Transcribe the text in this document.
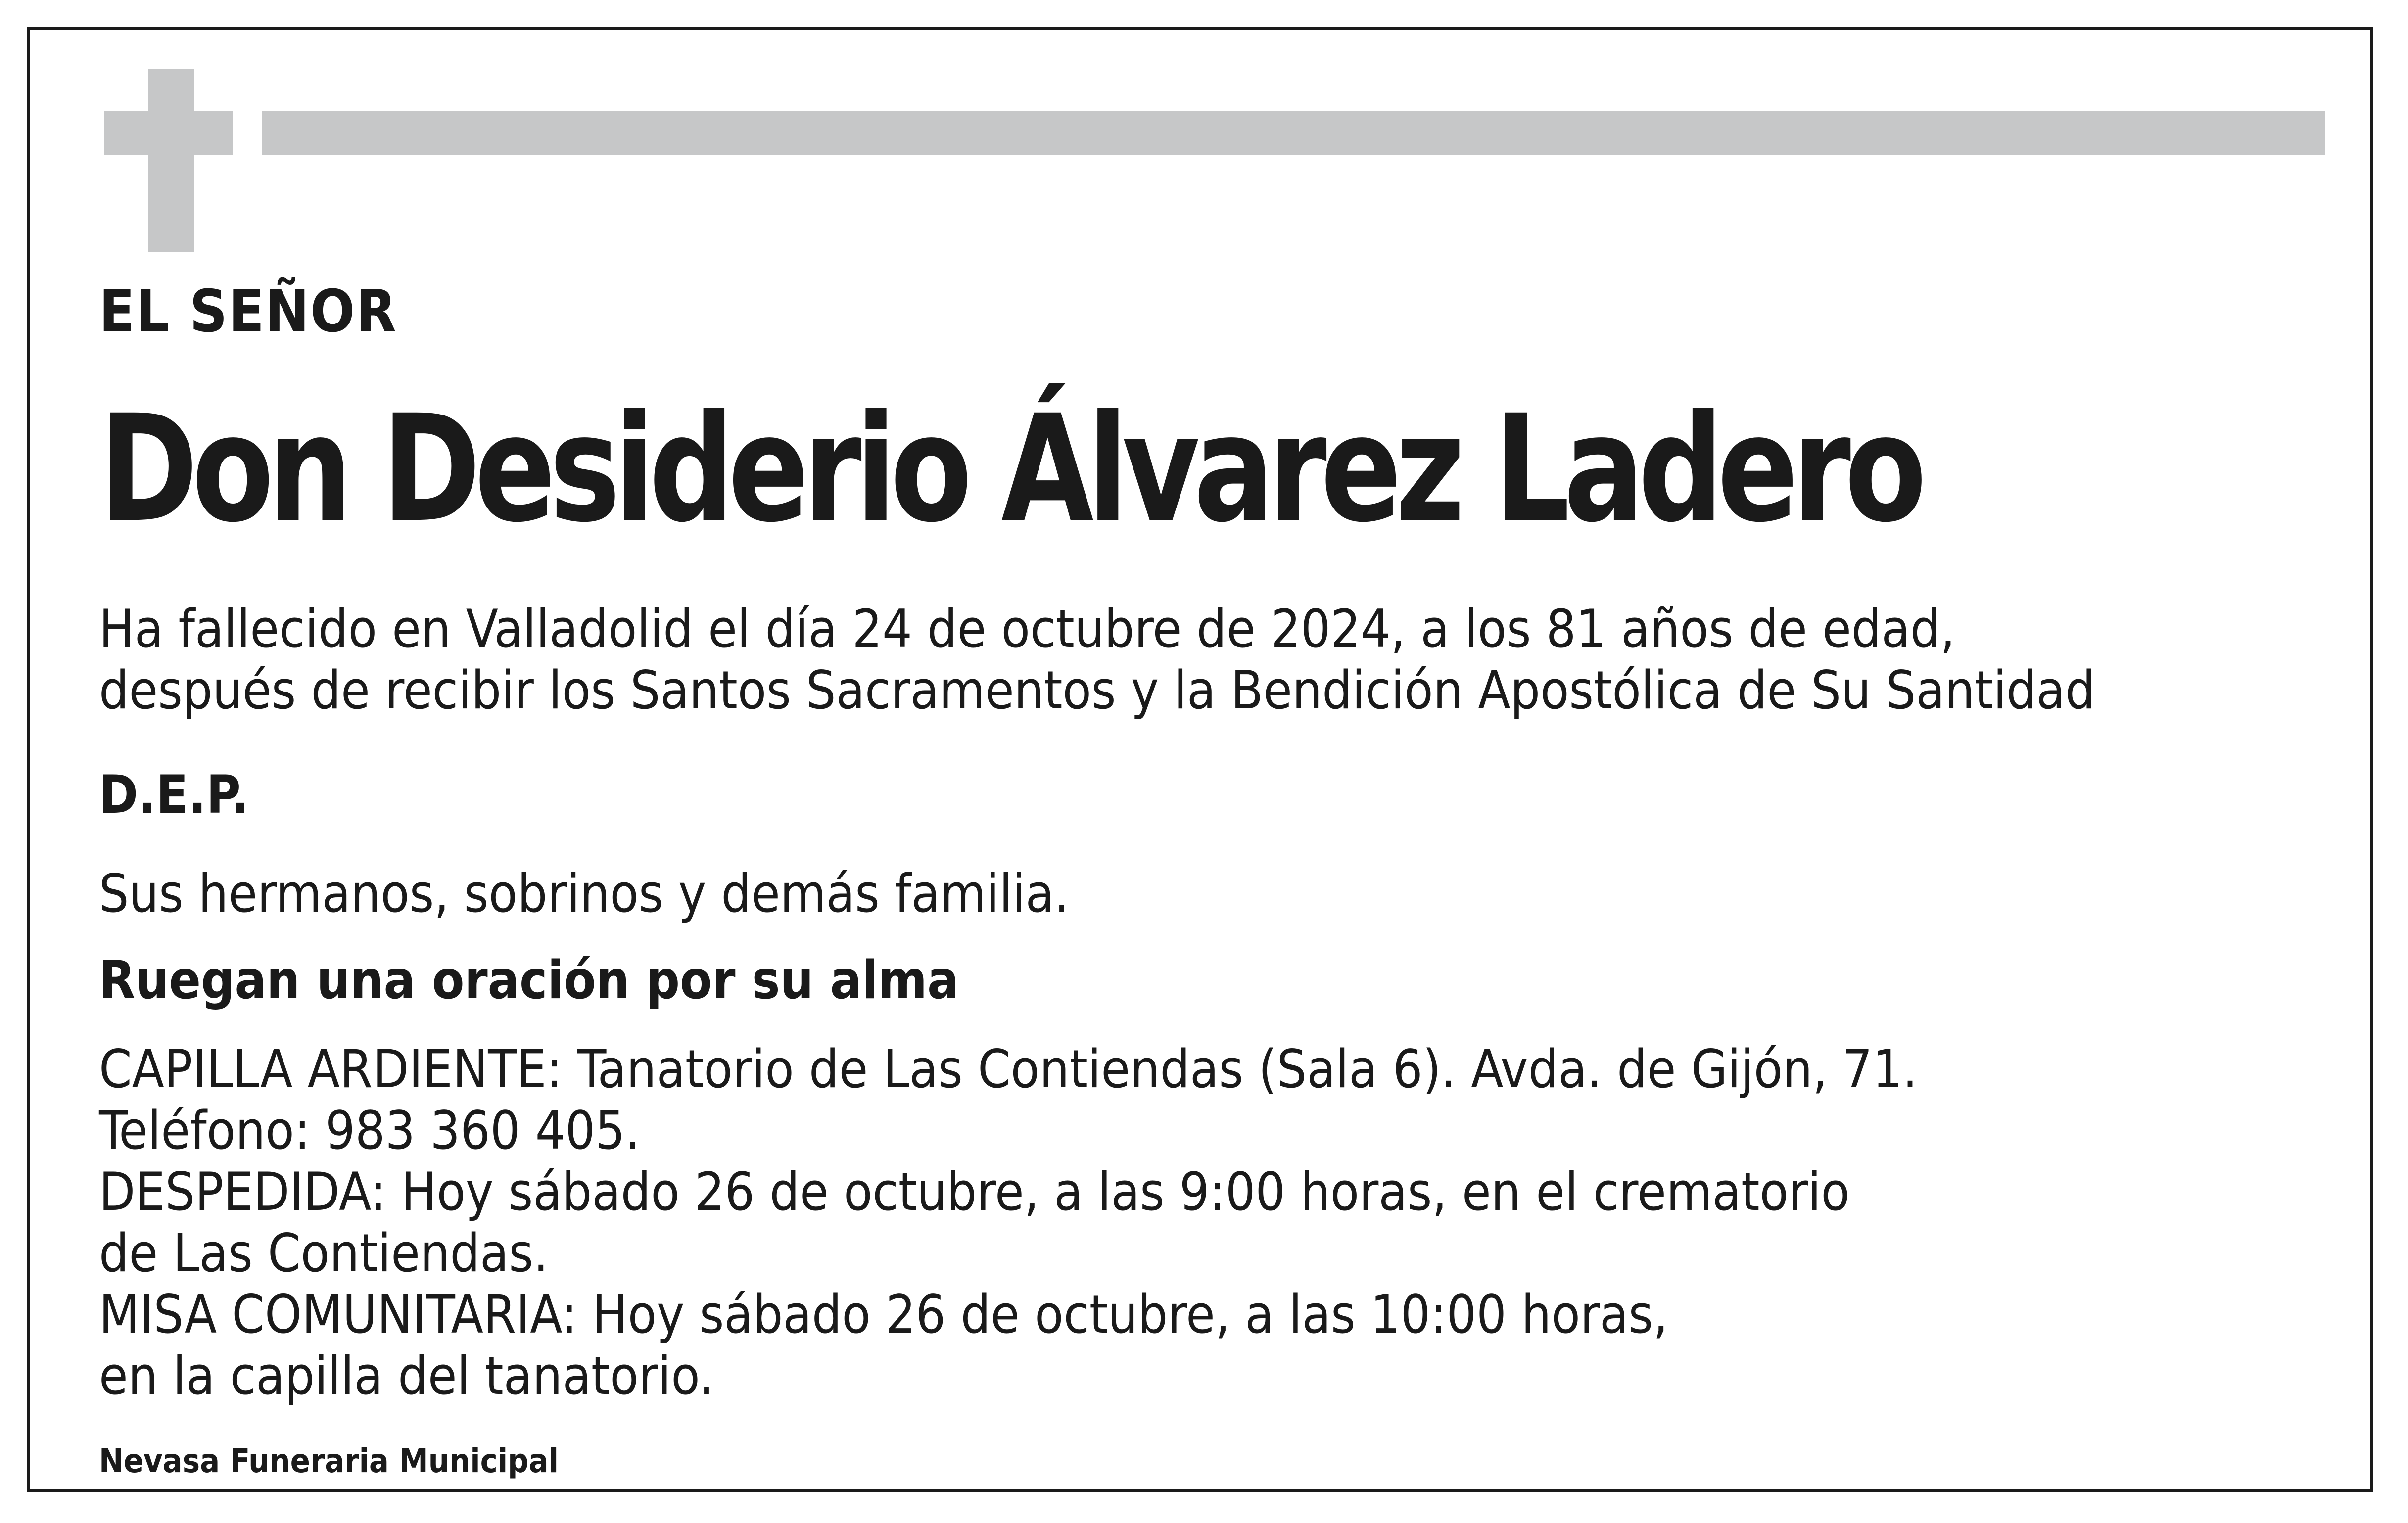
EL SEÑOR

Don Desiderio Álvarez Ladero
Ha fallecido en Valladolid el día 24 de octubre de 2024, a los 81 años de edad,
después de recibir los Santos Sacramentos y la Bendición Apostólica de Su Santidad

D.E.P.

Sus hermanos, sobrinos y demás familia.

Ruegan una oración por su alma

CAPILLA ARDIENTE: Tanatorio de Las Contiendas (Sala 6). Avda. de Gijón, 71.
Teléfono: 983 360 405.
DESPEDIDA: Hoy sábado 26 de octubre, a las 9:00 horas, en el crematorio
de Las Contiendas.
MISA COMUNITARIA: Hoy sábado 26 de octubre, a las 10:00 horas,
en la capilla del tanatorio.

Nevasa Funeraria Municipal
